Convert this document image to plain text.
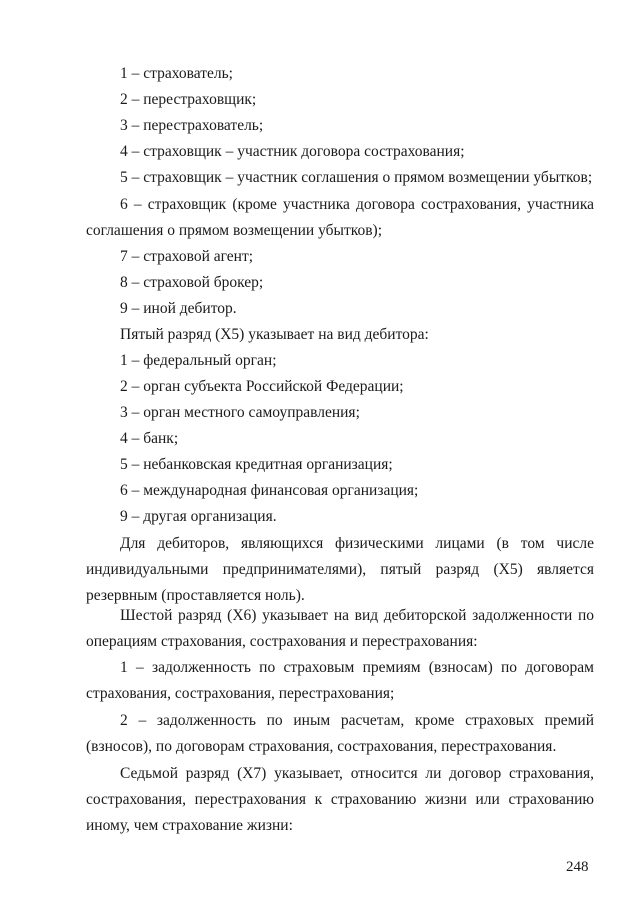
1 – страхователь;
2 – перестраховщик;
3 – перестрахователь;
4 – страховщик – участник договора сострахования;
5 – страховщик – участник соглашения о прямом возмещении убытков;
6 – страховщик (кроме участника договора сострахования, участника соглашения о прямом возмещении убытков);
7 – страховой агент;
8 – страховой брокер;
9 – иной дебитор.
Пятый разряд (X5) указывает на вид дебитора:
1 – федеральный орган;
2 – орган субъекта Российской Федерации;
3 – орган местного самоуправления;
4 – банк;
5 – небанковская кредитная организация;
6 – международная финансовая организация;
9 – другая организация.
Для дебиторов, являющихся физическими лицами (в том числе индивидуальными предпринимателями), пятый разряд (X5) является резервным (проставляется ноль).
Шестой разряд (X6) указывает на вид дебиторской задолженности по операциям страхования, сострахования и перестрахования:
1 – задолженность по страховым премиям (взносам) по договорам страхования, сострахования, перестрахования;
2 – задолженность по иным расчетам, кроме страховых премий (взносов), по договорам страхования, сострахования, перестрахования.
Седьмой разряд (X7) указывает, относится ли договор страхования, сострахования, перестрахования к страхованию жизни или страхованию иному, чем страхование жизни:
248
